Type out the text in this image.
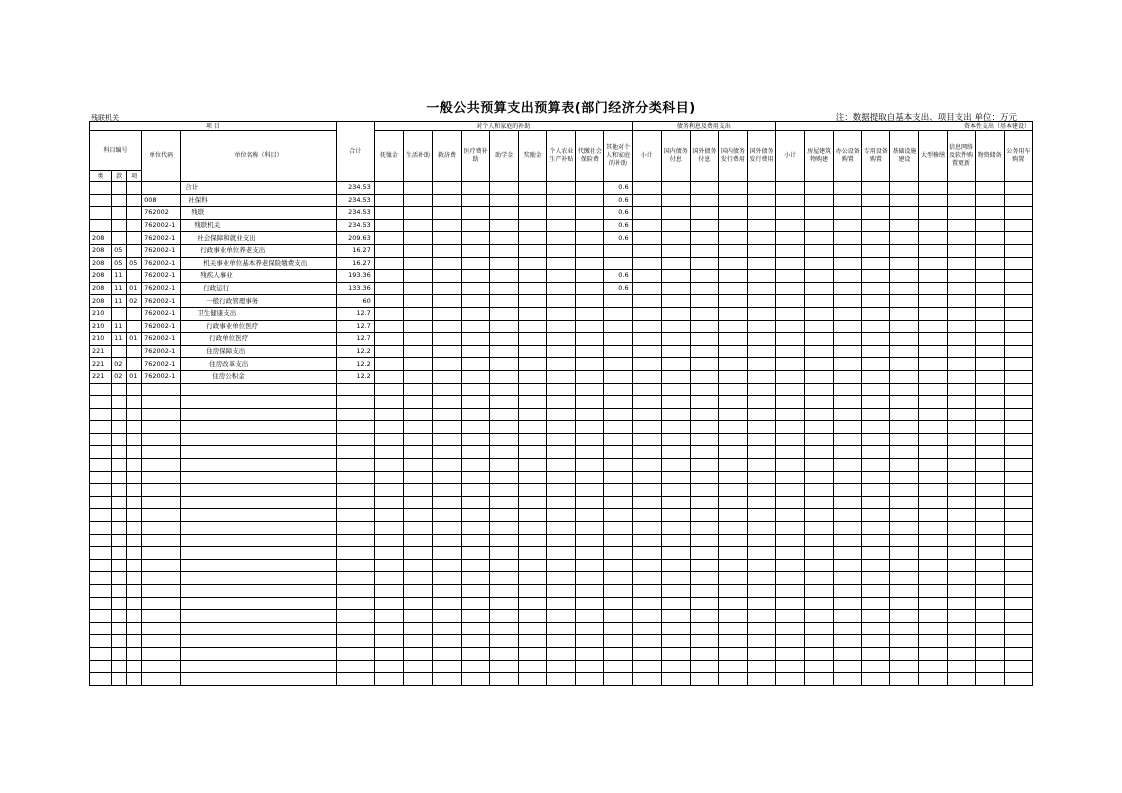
一般公共预算支出预算表(部门经济分类科目)
残联机关	注：数据提取自基本支出、项目支出 单位：万元
项 目					合计	对个人和家庭的补助									债务利息及费用支出					资本性支出（基本建设）								
科目编号			单位代码	单位名称（科目）		抚恤金	生活补助	救济费	医疗费补助	助学金	奖励金	个人农业生产补贴	代缴社会保险费	其他对个人和家庭的补助	小计	国内债务付息	国外债务付息	国内债务发行费用	国外债务发行费用	小计	房屋建筑物购建	办公设备购置	专用设备购置	基础设施建设	大型修缮	信息网络及软件购置更新	物资储备	公务用车购置
类	款	项																										
				合计	234.53									0.6														
			008	社保科	234.53									0.6														
			762002	残联	234.53									0.6														
			762002-1	残联机关	234.53									0.6														
208			762002-1	社会保障和就业支出	209.63									0.6														
208	05		762002-1	行政事业单位养老支出	16.27																							
208	05	05	762002-1	机关事业单位基本养老保险缴费支出	16.27																							
208	11		762002-1	残疾人事业	193.36									0.6														
208	11	01	762002-1	行政运行	133.36									0.6														
208	11	02	762002-1	一般行政管理事务	60																							
210			762002-1	卫生健康支出	12.7																							
210	11		762002-1	行政事业单位医疗	12.7																							
210	11	01	762002-1	行政单位医疗	12.7																							
221			762002-1	住房保障支出	12.2																							
221	02		762002-1	住房改革支出	12.2																							
221	02	01	762002-1	住房公积金	12.2																							
